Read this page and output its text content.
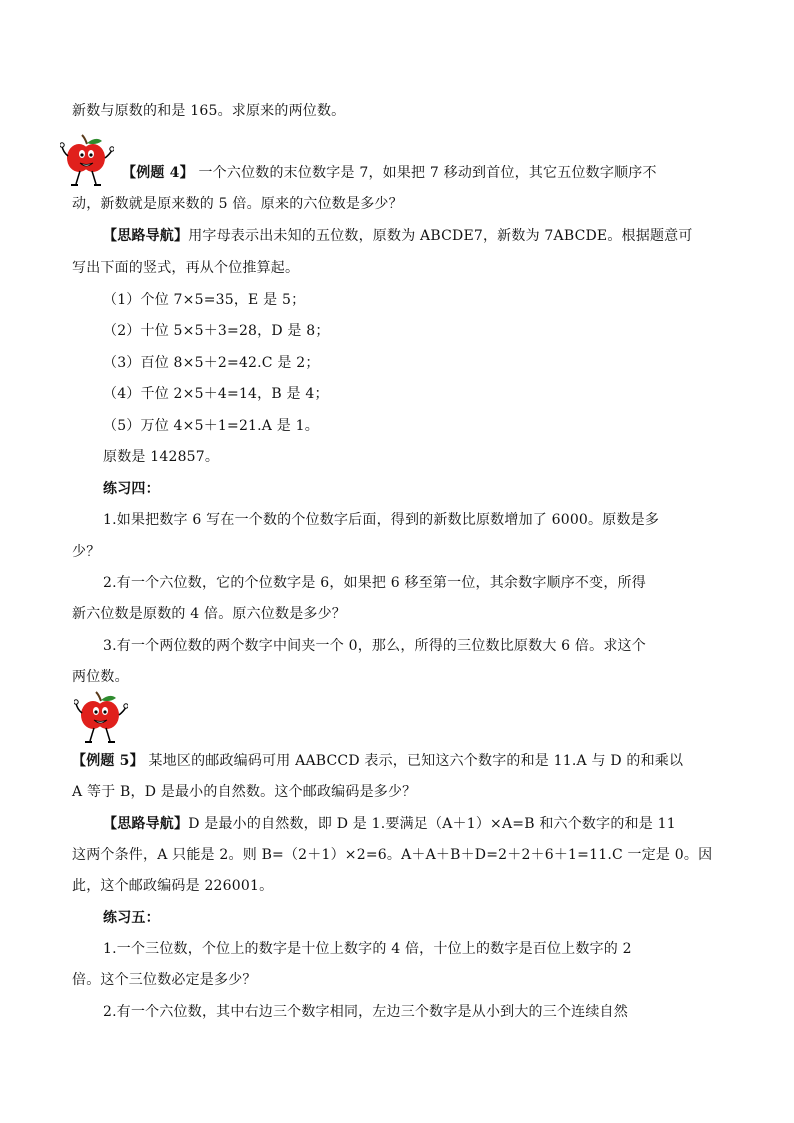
新数与原数的和是 165。求原来的两位数。
【例题 4】 一个六位数的末位数字是 7，如果把 7 移动到首位，其它五位数字顺序不
动，新数就是原来数的 5 倍。原来的六位数是多少？
【思路导航】用字母表示出未知的五位数，原数为 ABCDE7，新数为 7ABCDE。根据题意可
写出下面的竖式，再从个位推算起。
（1）个位 7×5=35，E 是 5；
（2）十位 5×5＋3=28，D 是 8；
（3）百位 8×5＋2=42.C 是 2；
（4）千位 2×5＋4=14，B 是 4；
（5）万位 4×5＋1=21.A 是 1。
原数是 142857。
练习四：
1.如果把数字 6 写在一个数的个位数字后面，得到的新数比原数增加了 6000。原数是多
少？
2.有一个六位数，它的个位数字是 6，如果把 6 移至第一位，其余数字顺序不变，所得
新六位数是原数的 4 倍。原六位数是多少？
3.有一个两位数的两个数字中间夹一个 0，那么，所得的三位数比原数大 6 倍。求这个
两位数。
【例题 5】 某地区的邮政编码可用 AABCCD 表示，已知这六个数字的和是 11.A 与 D 的和乘以
A 等于 B，D 是最小的自然数。这个邮政编码是多少？
【思路导航】D 是最小的自然数，即 D 是 1.要满足（A＋1）×A=B 和六个数字的和是 11
这两个条件，A 只能是 2。则 B=（2＋1）×2=6。A＋A＋B＋D=2＋2＋6＋1=11.C 一定是 0。因
此，这个邮政编码是 226001。
练习五：
1.一个三位数，个位上的数字是十位上数字的 4 倍，十位上的数字是百位上数字的 2
倍。这个三位数必定是多少？
2.有一个六位数，其中右边三个数字相同，左边三个数字是从小到大的三个连续自然
